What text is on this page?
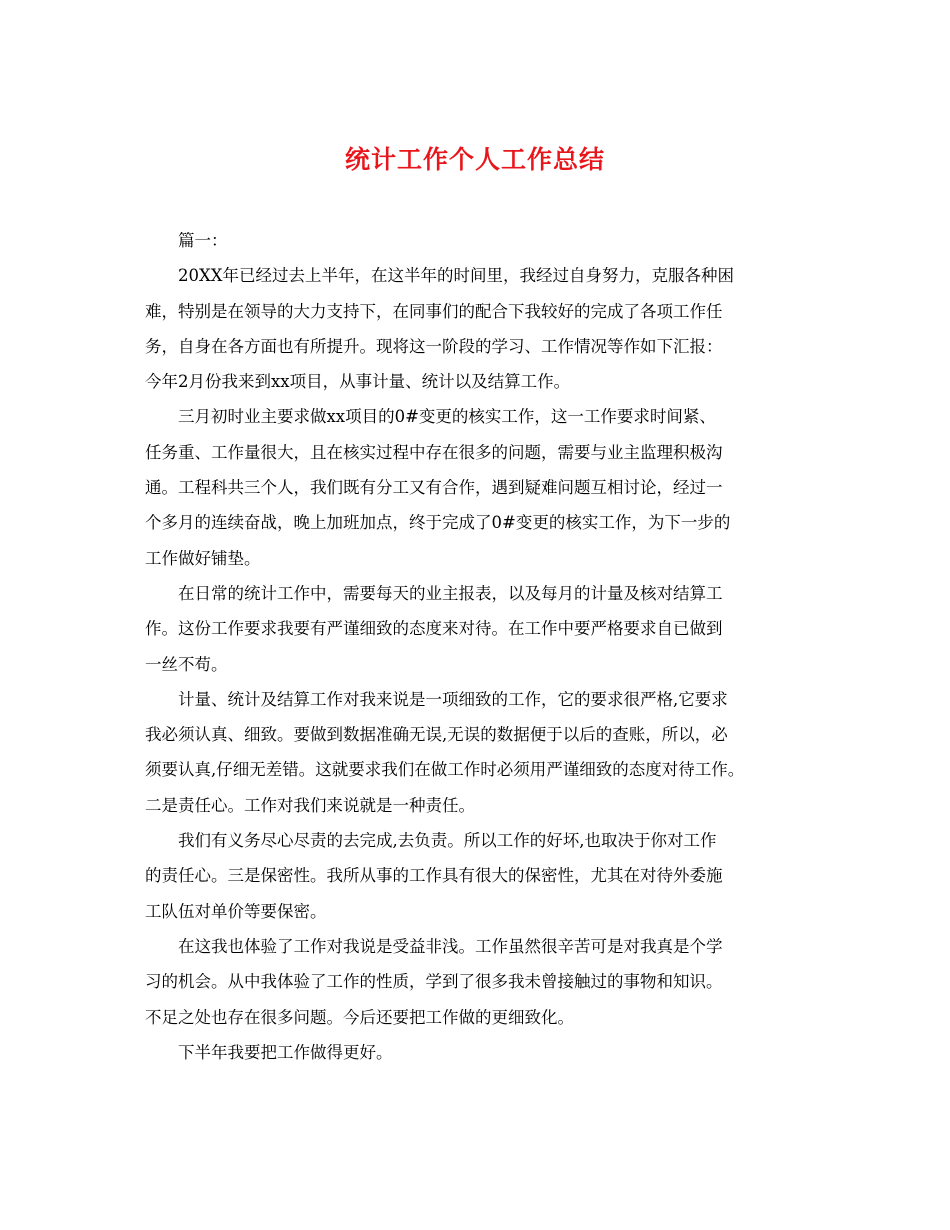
统计工作个人工作总结
篇一：
20XX年已经过去上半年，在这半年的时间里，我经过自身努力，克服各种困
难，特别是在领导的大力支持下，在同事们的配合下我较好的完成了各项工作任
务，自身在各方面也有所提升。现将这一阶段的学习、工作情况等作如下汇报：
今年2月份我来到xx项目，从事计量、统计以及结算工作。
三月初时业主要求做xx项目的0#变更的核实工作，这一工作要求时间紧、
任务重、工作量很大，且在核实过程中存在很多的问题，需要与业主监理积极沟
通。工程科共三个人，我们既有分工又有合作，遇到疑难问题互相讨论，经过一
个多月的连续奋战，晚上加班加点，终于完成了0#变更的核实工作，为下一步的
工作做好铺垫。
在日常的统计工作中，需要每天的业主报表，以及每月的计量及核对结算工
作。这份工作要求我要有严谨细致的态度来对待。在工作中要严格要求自已做到
一丝不苟。
计量、统计及结算工作对我来说是一项细致的工作，它的要求很严格,它要求
我必须认真、细致。要做到数据准确无误,无误的数据便于以后的查账，所以，必
须要认真,仔细无差错。这就要求我们在做工作时必须用严谨细致的态度对待工作。
二是责任心。工作对我们来说就是一种责任。
我们有义务尽心尽责的去完成,去负责。所以工作的好坏,也取决于你对工作
的责任心。三是保密性。我所从事的工作具有很大的保密性，尤其在对待外委施
工队伍对单价等要保密。
在这我也体验了工作对我说是受益非浅。工作虽然很辛苦可是对我真是个学
习的机会。从中我体验了工作的性质，学到了很多我未曾接触过的事物和知识。
不足之处也存在很多问题。今后还要把工作做的更细致化。
下半年我要把工作做得更好。
